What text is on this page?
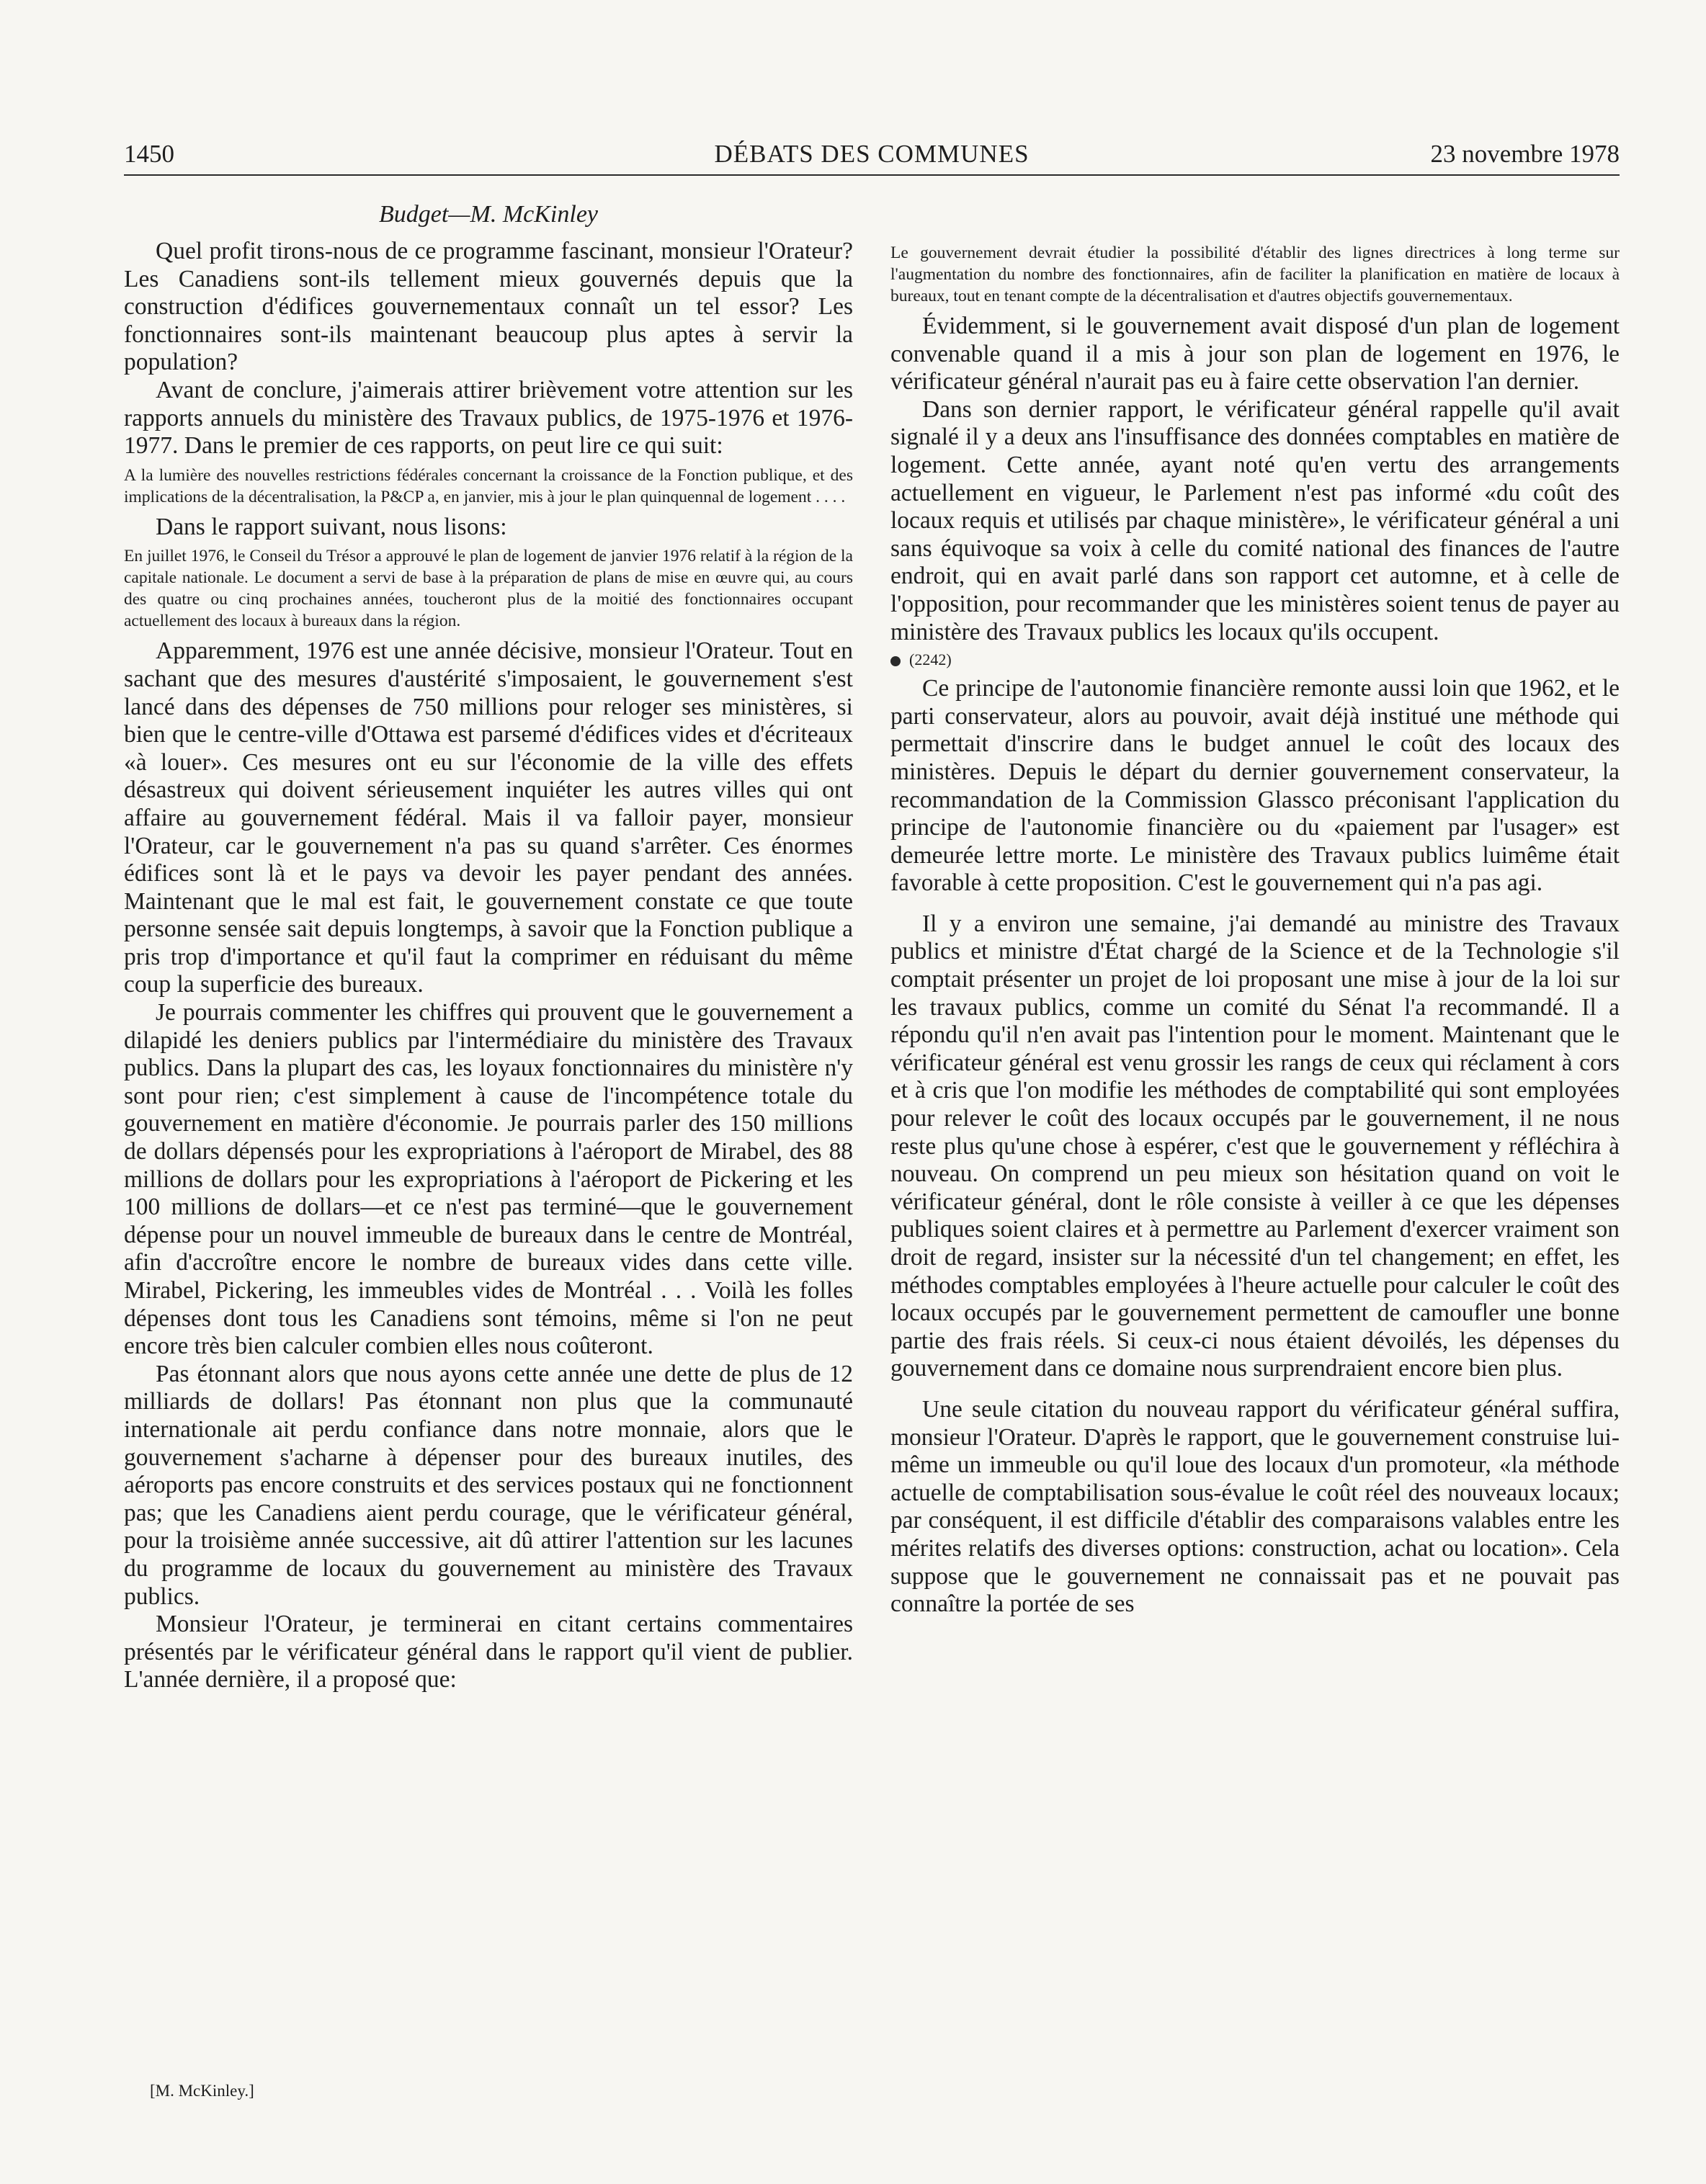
1450	DÉBATS DES COMMUNES	23 novembre 1978
Budget—M. McKinley

Quel profit tirons-nous de ce programme fascinant, monsieur l'Orateur? Les Canadiens sont-ils tellement mieux gouvernés depuis que la construction d'édifices gouvernementaux connaît un tel essor? Les fonctionnaires sont-ils maintenant beaucoup plus aptes à servir la population?

Avant de conclure, j'aimerais attirer brièvement votre attention sur les rapports annuels du ministère des Travaux publics, de 1975-1976 et 1976-1977. Dans le premier de ces rapports, on peut lire ce qui suit:

A la lumière des nouvelles restrictions fédérales concernant la croissance de la Fonction publique, et des implications de la décentralisation, la P&CP a, en janvier, mis à jour le plan quinquennal de logement . . . .

Dans le rapport suivant, nous lisons:

En juillet 1976, le Conseil du Trésor a approuvé le plan de logement de janvier 1976 relatif à la région de la capitale nationale. Le document a servi de base à la préparation de plans de mise en œuvre qui, au cours des quatre ou cinq prochaines années, toucheront plus de la moitié des fonctionnaires occupant actuellement des locaux à bureaux dans la région.

Apparemment, 1976 est une année décisive, monsieur l'Orateur. Tout en sachant que des mesures d'austérité s'imposaient, le gouvernement s'est lancé dans des dépenses de 750 millions pour reloger ses ministères, si bien que le centre-ville d'Ottawa est parsemé d'édifices vides et d'écriteaux «à louer». Ces mesures ont eu sur l'économie de la ville des effets désastreux qui doivent sérieusement inquiéter les autres villes qui ont affaire au gouvernement fédéral. Mais il va falloir payer, monsieur l'Orateur, car le gouvernement n'a pas su quand s'arrêter. Ces énormes édifices sont là et le pays va devoir les payer pendant des années. Maintenant que le mal est fait, le gouvernement constate ce que toute personne sensée sait depuis longtemps, à savoir que la Fonction publique a pris trop d'importance et qu'il faut la comprimer en réduisant du même coup la superficie des bureaux.

Je pourrais commenter les chiffres qui prouvent que le gouvernement a dilapidé les deniers publics par l'intermédiaire du ministère des Travaux publics. Dans la plupart des cas, les loyaux fonctionnaires du ministère n'y sont pour rien; c'est simplement à cause de l'incompétence totale du gouvernement en matière d'économie. Je pourrais parler des 150 millions de dollars dépensés pour les expropriations à l'aéroport de Mirabel, des 88 millions de dollars pour les expropriations à l'aéroport de Pickering et les 100 millions de dollars—et ce n'est pas terminé—que le gouvernement dépense pour un nouvel immeuble de bureaux dans le centre de Montréal, afin d'accroître encore le nombre de bureaux vides dans cette ville. Mirabel, Pickering, les immeubles vides de Montréal . . . Voilà les folles dépenses dont tous les Canadiens sont témoins, même si l'on ne peut encore très bien calculer combien elles nous coûteront.

Pas étonnant alors que nous ayons cette année une dette de plus de 12 milliards de dollars! Pas étonnant non plus que la communauté internationale ait perdu confiance dans notre monnaie, alors que le gouvernement s'acharne à dépenser pour des bureaux inutiles, des aéroports pas encore construits et des services postaux qui ne fonctionnent pas; que les Canadiens aient perdu courage, que le vérificateur général, pour la troisième année successive, ait dû attirer l'attention sur les lacunes du programme de locaux du gouvernement au ministère des Travaux publics.

Monsieur l'Orateur, je terminerai en citant certains commentaires présentés par le vérificateur général dans le rapport qu'il vient de publier. L'année dernière, il a proposé que:

Le gouvernement devrait étudier la possibilité d'établir des lignes directrices à long terme sur l'augmentation du nombre des fonctionnaires, afin de faciliter la planification en matière de locaux à bureaux, tout en tenant compte de la décentralisation et d'autres objectifs gouvernementaux.

Évidemment, si le gouvernement avait disposé d'un plan de logement convenable quand il a mis à jour son plan de logement en 1976, le vérificateur général n'aurait pas eu à faire cette observation l'an dernier.

Dans son dernier rapport, le vérificateur général rappelle qu'il avait signalé il y a deux ans l'insuffisance des données comptables en matière de logement. Cette année, ayant noté qu'en vertu des arrangements actuellement en vigueur, le Parlement n'est pas informé «du coût des locaux requis et utilisés par chaque ministère», le vérificateur général a uni sans équivoque sa voix à celle du comité national des finances de l'autre endroit, qui en avait parlé dans son rapport cet automne, et à celle de l'opposition, pour recommander que les ministères soient tenus de payer au ministère des Travaux publics les locaux qu'ils occupent.

(2242)

Ce principe de l'autonomie financière remonte aussi loin que 1962, et le parti conservateur, alors au pouvoir, avait déjà institué une méthode qui permettait d'inscrire dans le budget annuel le coût des locaux des ministères. Depuis le départ du dernier gouvernement conservateur, la recommandation de la Commission Glassco préconisant l'application du principe de l'autonomie financière ou du «paiement par l'usager» est demeurée lettre morte. Le ministère des Travaux publics luimême était favorable à cette proposition. C'est le gouvernement qui n'a pas agi.

Il y a environ une semaine, j'ai demandé au ministre des Travaux publics et ministre d'État chargé de la Science et de la Technologie s'il comptait présenter un projet de loi proposant une mise à jour de la loi sur les travaux publics, comme un comité du Sénat l'a recommandé. Il a répondu qu'il n'en avait pas l'intention pour le moment. Maintenant que le vérificateur général est venu grossir les rangs de ceux qui réclament à cors et à cris que l'on modifie les méthodes de comptabilité qui sont employées pour relever le coût des locaux occupés par le gouvernement, il ne nous reste plus qu'une chose à espérer, c'est que le gouvernement y réfléchira à nouveau. On comprend un peu mieux son hésitation quand on voit le vérificateur général, dont le rôle consiste à veiller à ce que les dépenses publiques soient claires et à permettre au Parlement d'exercer vraiment son droit de regard, insister sur la nécessité d'un tel changement; en effet, les méthodes comptables employées à l'heure actuelle pour calculer le coût des locaux occupés par le gouvernement permettent de camoufler une bonne partie des frais réels. Si ceux-ci nous étaient dévoilés, les dépenses du gouvernement dans ce domaine nous surprendraient encore bien plus.

Une seule citation du nouveau rapport du vérificateur général suffira, monsieur l'Orateur. D'après le rapport, que le gouvernement construise lui-même un immeuble ou qu'il loue des locaux d'un promoteur, «la méthode actuelle de comptabilisation sous-évalue le coût réel des nouveaux locaux; par conséquent, il est difficile d'établir des comparaisons valables entre les mérites relatifs des diverses options: construction, achat ou location». Cela suppose que le gouvernement ne connaissait pas et ne pouvait pas connaître la portée de ses

[M. McKinley.]
